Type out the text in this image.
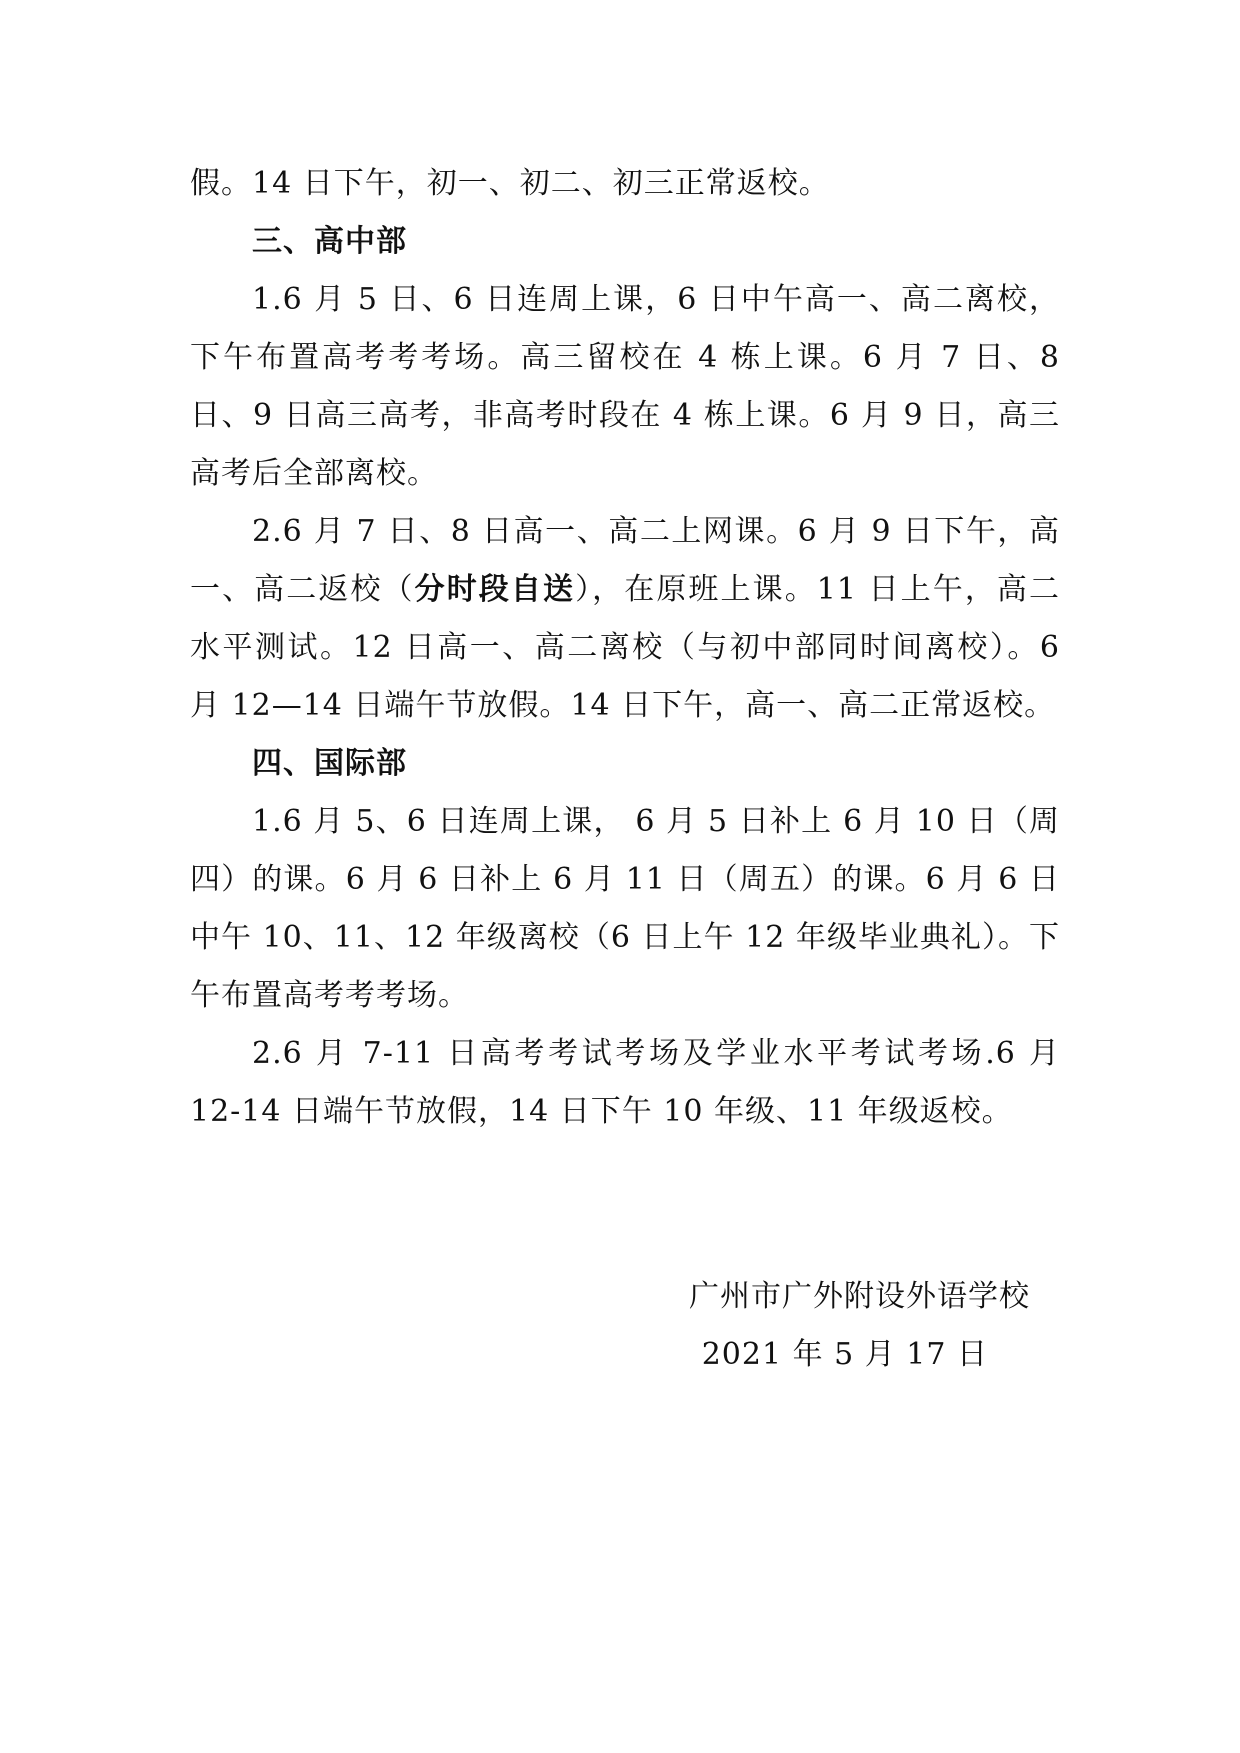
假。14 日下午，初一、初二、初三正常返校。

三、高中部

1.6 月 5 日、6 日连周上课，6 日中午高一、高二离校，下午布置高考考考场。高三留校在 4 栋上课。6 月 7 日、8 日、9 日高三高考，非高考时段在 4 栋上课。6 月 9 日，高三高考后全部离校。

2.6 月 7 日、8 日高一、高二上网课。6 月 9 日下午，高一、高二返校（分时段自送），在原班上课。11 日上午，高二水平测试。12 日高一、高二离校（与初中部同时间离校）。6 月 12—14 日端午节放假。14 日下午，高一、高二正常返校。

四、国际部

1.6 月 5、6 日连周上课， 6 月 5 日补上 6 月 10 日（周四）的课。6 月 6 日补上 6 月 11 日（周五）的课。6 月 6 日中午 10、11、12 年级离校（6 日上午 12 年级毕业典礼）。下午布置高考考考场。

2.6 月 7-11 日高考考试考场及学业水平考试考场.6 月 12-14 日端午节放假，14 日下午 10 年级、11 年级返校。

广州市广外附设外语学校

2021 年 5 月 17 日
